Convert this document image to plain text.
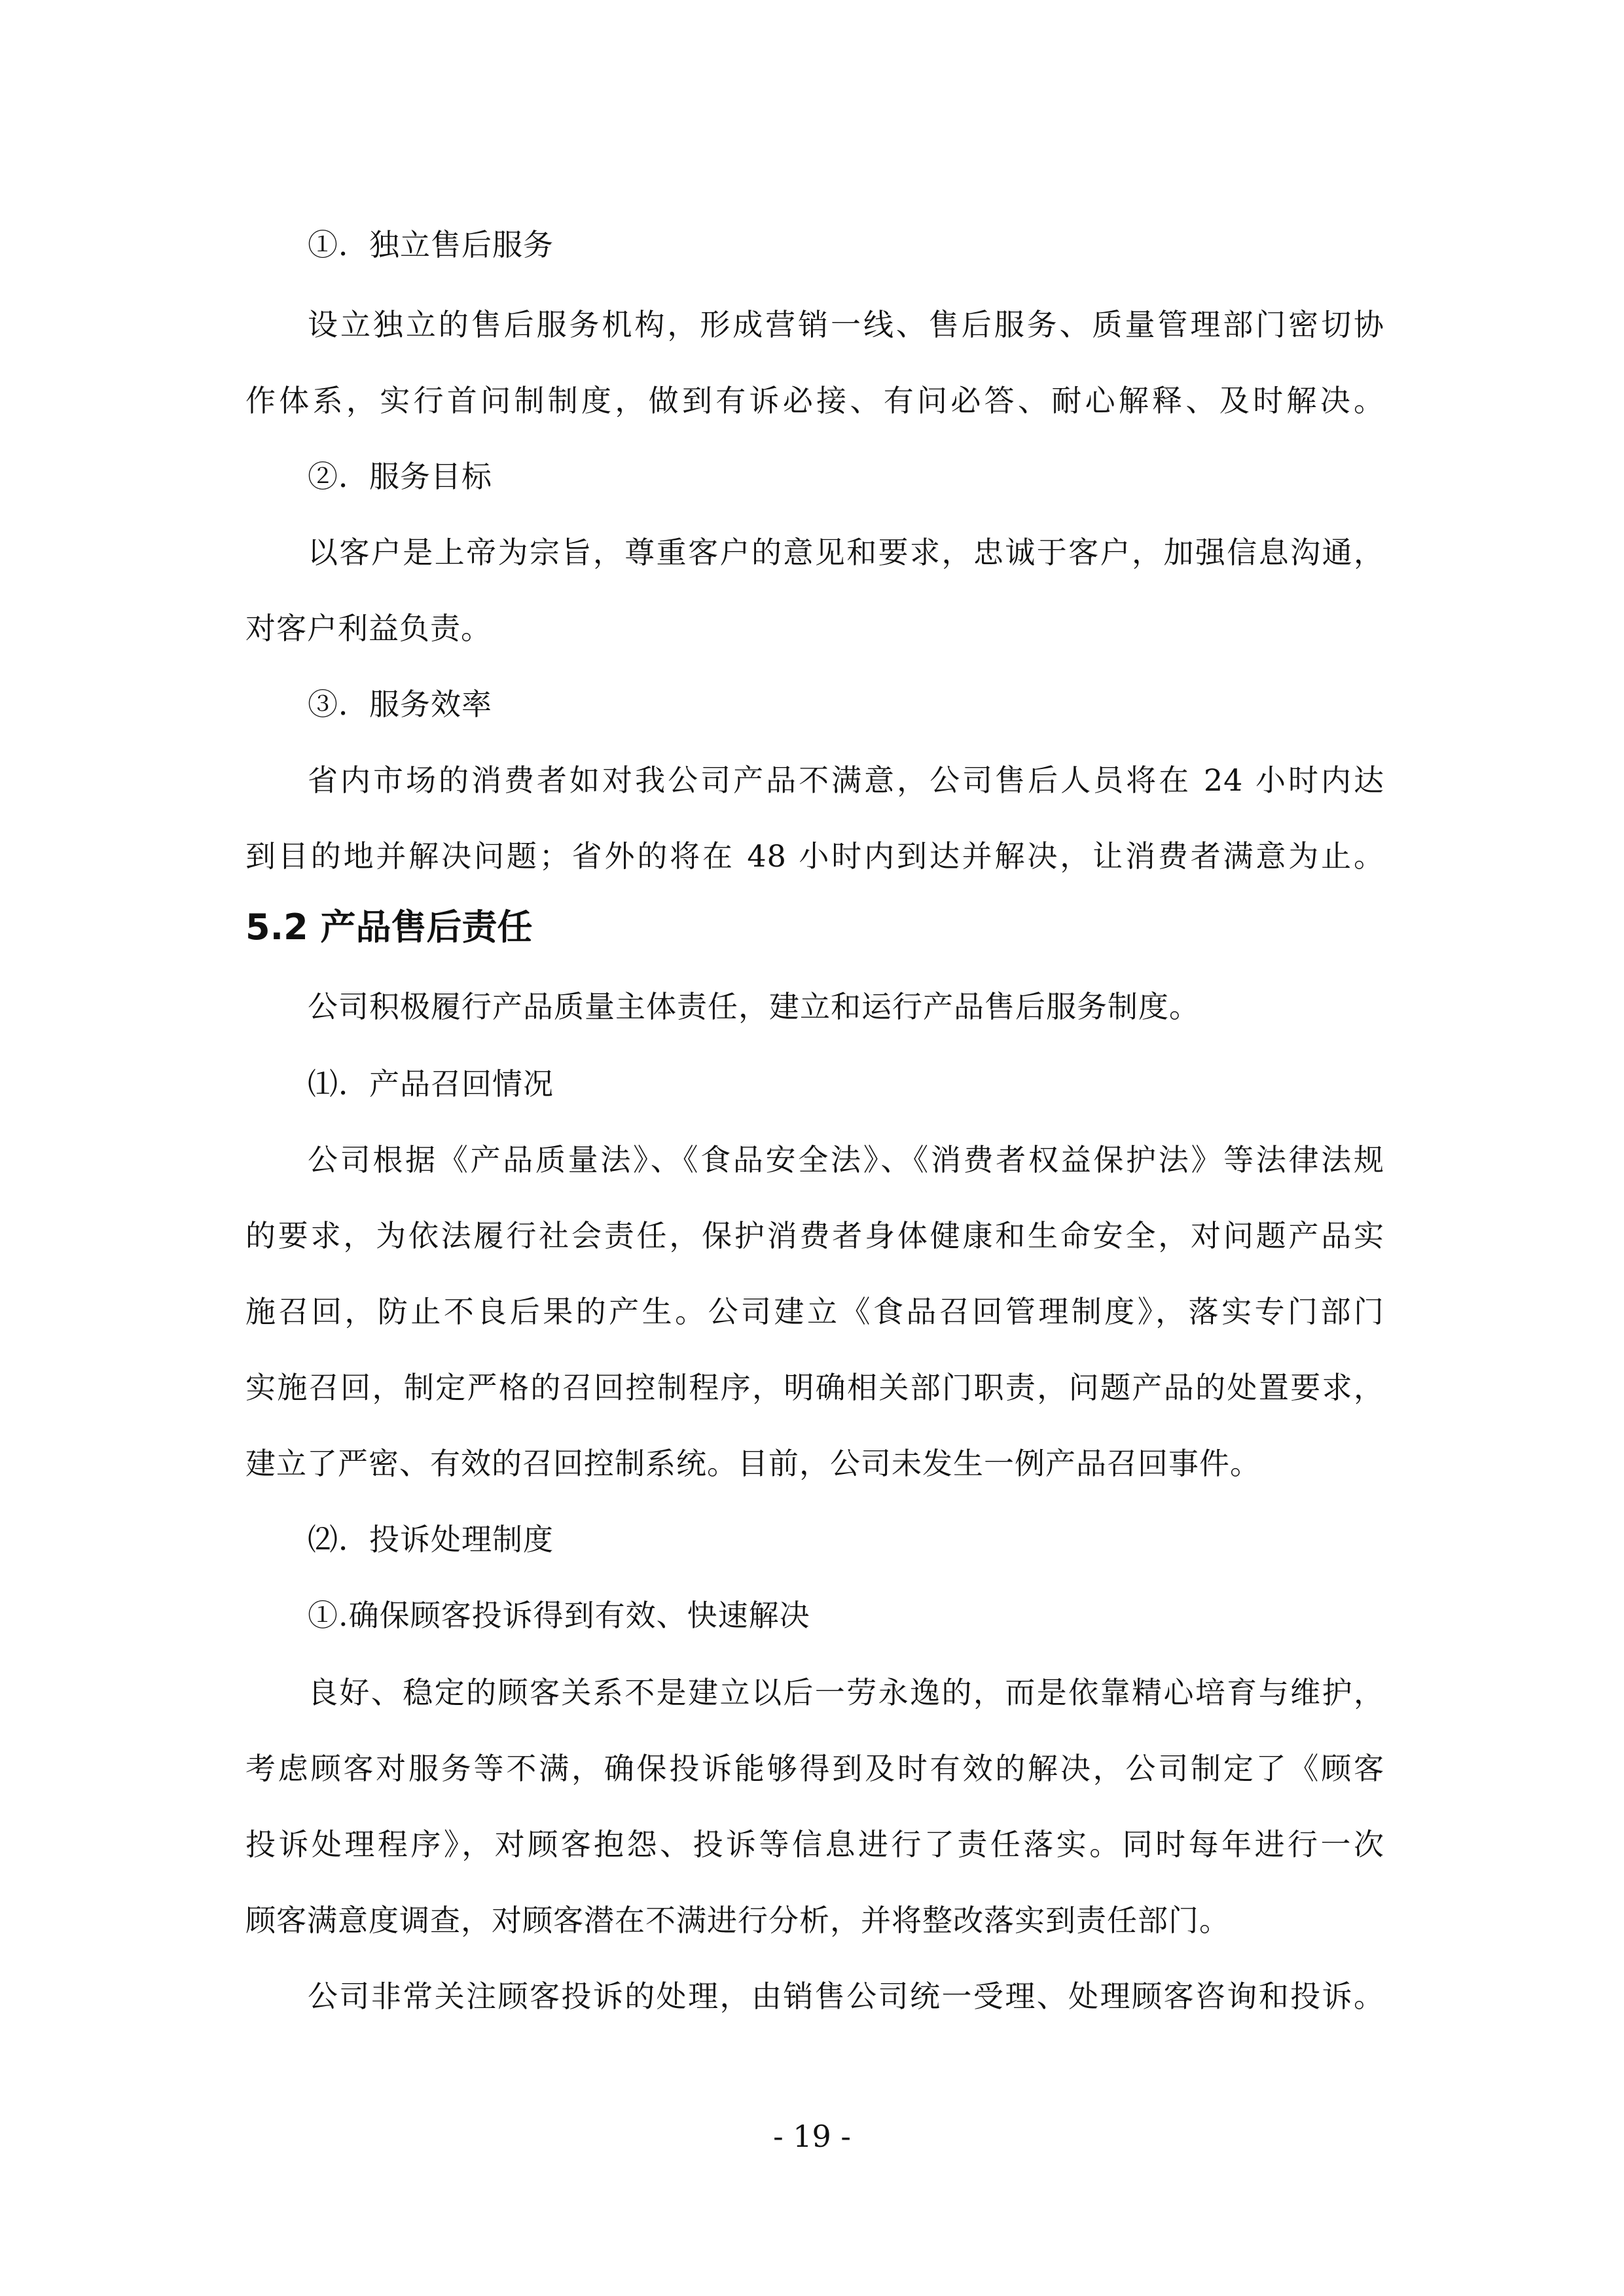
①．独立售后服务
设立独立的售后服务机构，形成营销一线、售后服务、质量管理部门密切协
作体系，实行首问制制度，做到有诉必接、有问必答、耐心解释、及时解决。
②．服务目标
以客户是上帝为宗旨，尊重客户的意见和要求，忠诚于客户，加强信息沟通，
对客户利益负责。
③．服务效率
省内市场的消费者如对我公司产品不满意，公司售后人员将在 24 小时内达
到目的地并解决问题；省外的将在 48 小时内到达并解决，让消费者满意为止。
5.2 产品售后责任
公司积极履行产品质量主体责任，建立和运行产品售后服务制度。
⑴．产品召回情况
公司根据《产品质量法》、《食品安全法》、《消费者权益保护法》等法律法规
的要求，为依法履行社会责任，保护消费者身体健康和生命安全，对问题产品实
施召回，防止不良后果的产生。公司建立《食品召回管理制度》，落实专门部门
实施召回，制定严格的召回控制程序，明确相关部门职责，问题产品的处置要求，
建立了严密、有效的召回控制系统。目前，公司未发生一例产品召回事件。
⑵．投诉处理制度
①.确保顾客投诉得到有效、快速解决
良好、稳定的顾客关系不是建立以后一劳永逸的，而是依靠精心培育与维护，
考虑顾客对服务等不满，确保投诉能够得到及时有效的解决，公司制定了《顾客
投诉处理程序》，对顾客抱怨、投诉等信息进行了责任落实。同时每年进行一次
顾客满意度调查，对顾客潜在不满进行分析，并将整改落实到责任部门。
公司非常关注顾客投诉的处理，由销售公司统一受理、处理顾客咨询和投诉。
- 19 -
